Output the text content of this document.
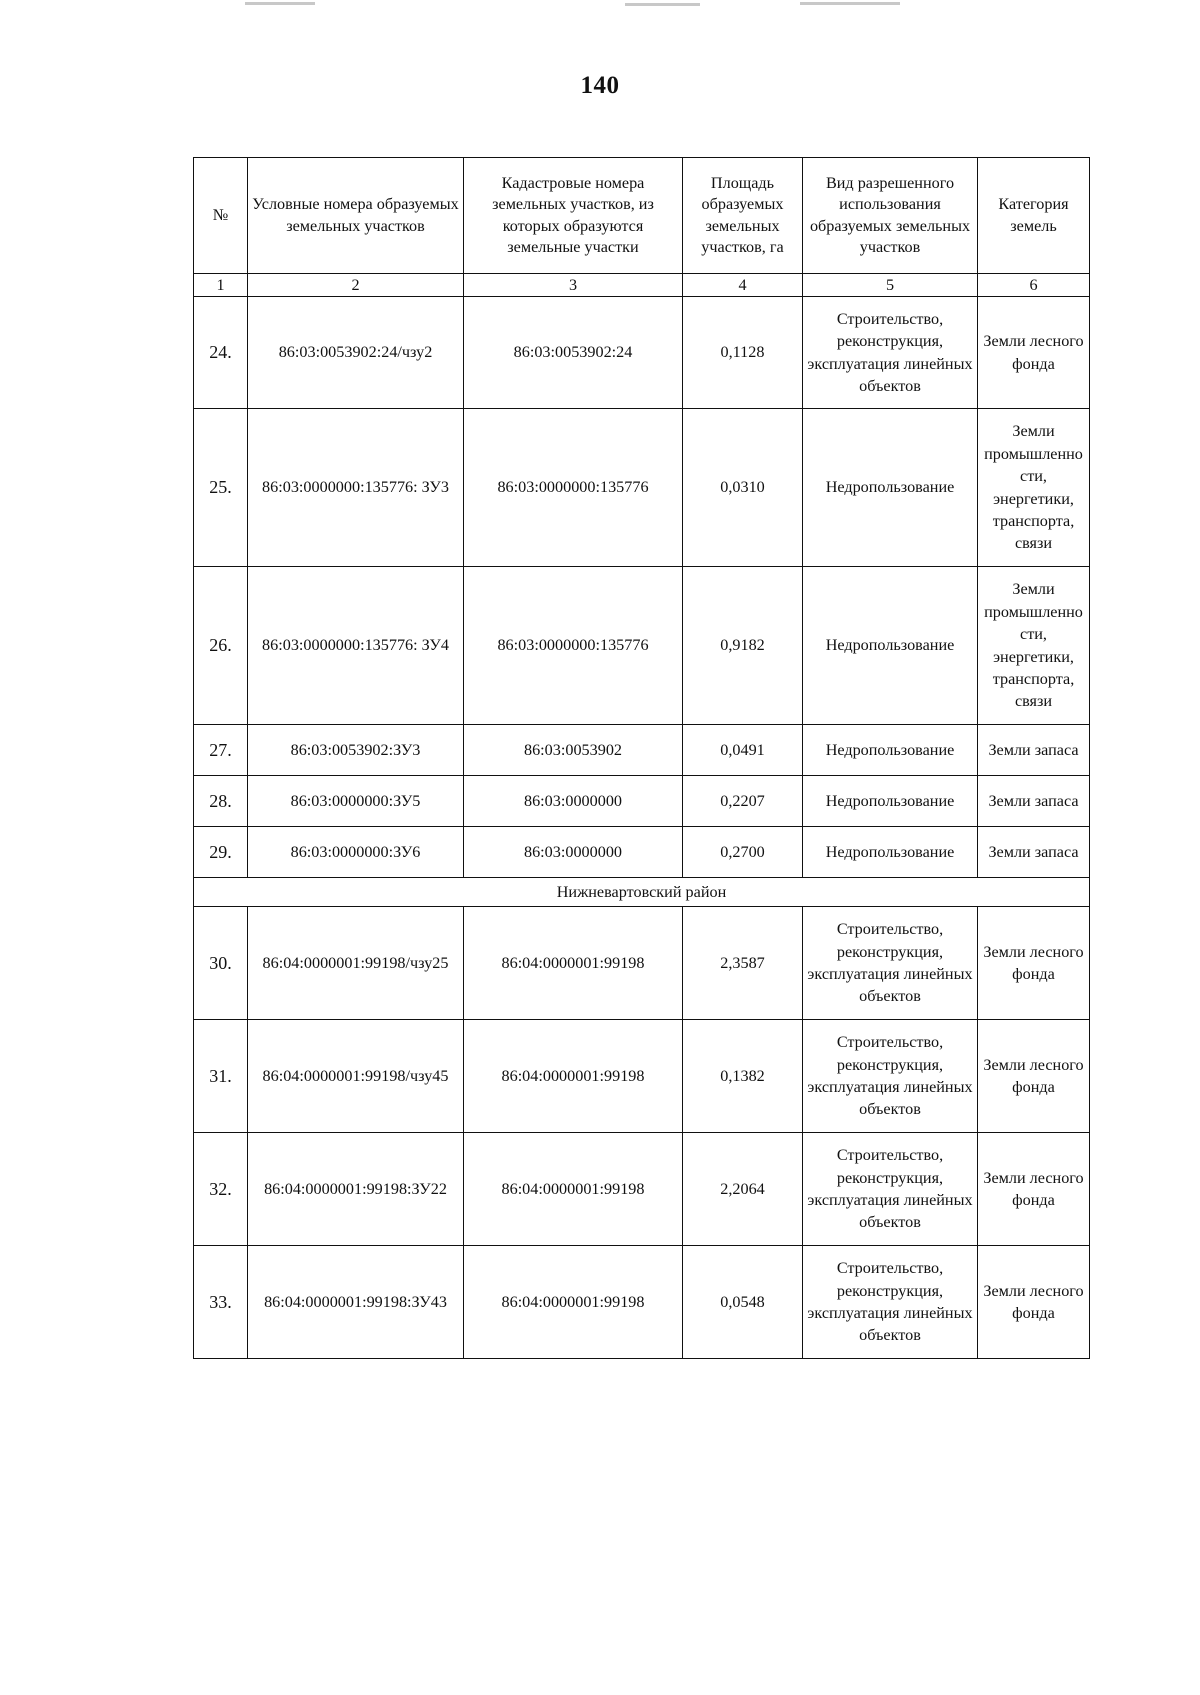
140
№	Условные номера образуемых земельных участков	Кадастровые номера земельных участков, из которых образуются земельные участки	Площадь образуемых земельных участков, га	Вид разрешенного использования образуемых земельных участков	Категория земель
1	2	3	4	5	6
24.	86:03:0053902:24/чзу2	86:03:0053902:24	0,1128	Строительство, реконструкция, эксплуатация линейных объектов	Земли лесного фонда
25.	86:03:0000000:135776: ЗУ3	86:03:0000000:135776	0,0310	Недропользование	Земли промышленности, энергетики, транспорта, связи
26.	86:03:0000000:135776: ЗУ4	86:03:0000000:135776	0,9182	Недропользование	Земли промышленности, энергетики, транспорта, связи
27.	86:03:0053902:ЗУ3	86:03:0053902	0,0491	Недропользование	Земли запаса
28.	86:03:0000000:ЗУ5	86:03:0000000	0,2207	Недропользование	Земли запаса
29.	86:03:0000000:ЗУ6	86:03:0000000	0,2700	Недропользование	Земли запаса
Нижневартовский район					
30.	86:04:0000001:99198/чзу25	86:04:0000001:99198	2,3587	Строительство, реконструкция, эксплуатация линейных объектов	Земли лесного фонда
31.	86:04:0000001:99198/чзу45	86:04:0000001:99198	0,1382	Строительство, реконструкция, эксплуатация линейных объектов	Земли лесного фонда
32.	86:04:0000001:99198:ЗУ22	86:04:0000001:99198	2,2064	Строительство, реконструкция, эксплуатация линейных объектов	Земли лесного фонда
33.	86:04:0000001:99198:ЗУ43	86:04:0000001:99198	0,0548	Строительство, реконструкция, эксплуатация линейных объектов	Земли лесного фонда
